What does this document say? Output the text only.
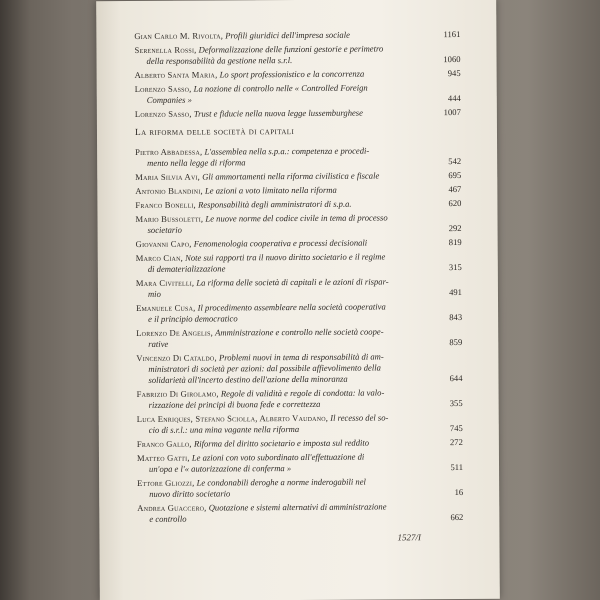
Gian Carlo M. Rivolta, Profili giuridici dell'impresa sociale	1161
Serenella Rossi, Deformalizzazione delle funzioni gestorie e perimetro
della responsabilità da gestione nella s.r.l.	1060
Alberto Santa Maria, Lo sport professionistico e la concorrenza	945
Lorenzo Sasso, La nozione di controllo nelle « Controlled Foreign
Companies »	444
Lorenzo Sasso, Trust e fiducie nella nuova legge lussemburghese	1007
La riforma delle società di capitali
Pietro Abbadessa, L'assemblea nella s.p.a.: competenza e procedi-
mento nella legge di riforma	542
Maria Silvia Avi, Gli ammortamenti nella riforma civilistica e fiscale	695
Antonio Blandini, Le azioni a voto limitato nella riforma	467
Franco Bonelli, Responsabilità degli amministratori di s.p.a.	620
Mario Bussoletti, Le nuove norme del codice civile in tema di processo
societario	292
Giovanni Capo, Fenomenologia cooperativa e processi decisionali	819
Marco Cian, Note sui rapporti tra il nuovo diritto societario e il regime
di dematerializzazione	315
Mara Civitelli, La riforma delle società di capitali e le azioni di rispar-
mio	491
Emanuele Cusa, Il procedimento assembleare nella società cooperativa
e il principio democratico	843
Lorenzo De Angelis, Amministrazione e controllo nelle società coope-
rative	859
Vincenzo Di Cataldo, Problemi nuovi in tema di responsabilità di am-
ministratori di società per azioni: dal possibile affievolimento della
solidarietà all'incerto destino dell'azione della minoranza	644
Fabrizio Di Girolamo, Regole di validità e regole di condotta: la valo-
rizzazione dei principi di buona fede e correttezza	355
Luca Enriques, Stefano Sciolla, Alberto Vaudano, Il recesso del so-
cio di s.r.l.: una mina vagante nella riforma	745
Franco Gallo, Riforma del diritto societario e imposta sul reddito	272
Matteo Gatti, Le azioni con voto subordinato all'effettuazione di
un'opa e l'« autorizzazione di conferma »	511
Ettore Gliozzi, Le condonabili deroghe a norme inderogabili nel
nuovo diritto societario	16
Andrea Guaccero, Quotazione e sistemi alternativi di amministrazione
e controllo	662
1527/I
